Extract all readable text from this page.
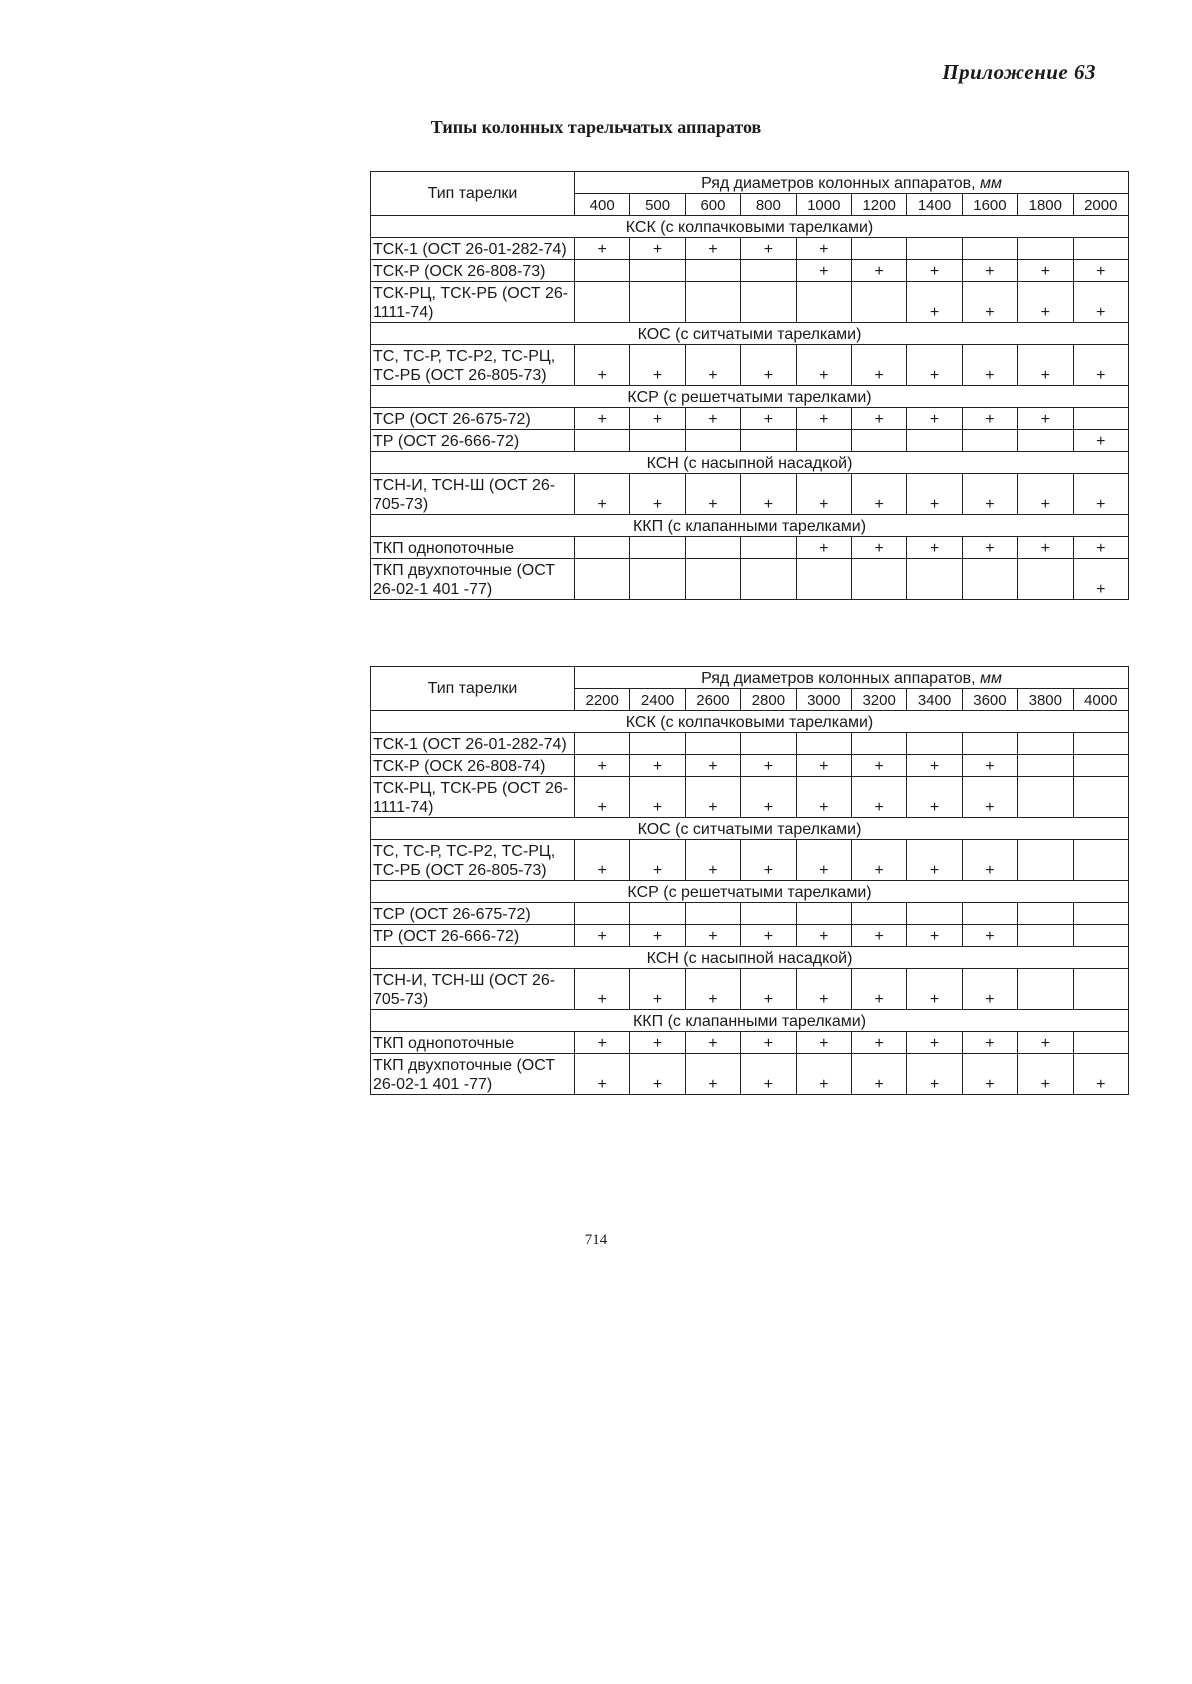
Приложение 63
Типы колонных тарельчатых аппаратов
Тип тарелки	Ряд диаметров колонных аппаратов, мм									
	400	500	600	800	1000	1200	1400	1600	1800	2000
КСК (с колпачковыми тарелками)										
ТСК-1 (ОСТ 26-01-282-74)	+	+	+	+	+					
ТСК-Р (ОСК 26-808-73)					+	+	+	+	+	+
ТСК-РЦ, ТСК-РБ (ОСТ 26-1111-74)							+	+	+	+
КОС (с ситчатыми тарелками)										
ТС, ТС-Р, ТС-Р2, ТС-РЦ, ТС-РБ (ОСТ 26-805-73)	+	+	+	+	+	+	+	+	+	+
КСР (с решетчатыми тарелками)										
ТСР (ОСТ 26-675-72)	+	+	+	+	+	+	+	+	+	
ТР (ОСТ 26-666-72)										+
КСН (с насыпной насадкой)										
ТСН-И, ТСН-Ш (ОСТ 26-705-73)	+	+	+	+	+	+	+	+	+	+
ККП (с клапанными тарелками)										
ТКП однопоточные					+	+	+	+	+	+
ТКП двухпоточные (ОСТ 26-02-1 401 -77)										+
Тип тарелки	Ряд диаметров колонных аппаратов, мм									
	2200	2400	2600	2800	3000	3200	3400	3600	3800	4000
КСК (с колпачковыми тарелками)										
ТСК-1 (ОСТ 26-01-282-74)										
ТСК-Р (ОСК 26-808-74)	+	+	+	+	+	+	+	+		
ТСК-РЦ, ТСК-РБ (ОСТ 26-1111-74)	+	+	+	+	+	+	+	+		
КОС (с ситчатыми тарелками)										
ТС, ТС-Р, ТС-Р2, ТС-РЦ, ТС-РБ (ОСТ 26-805-73)	+	+	+	+	+	+	+	+		
КСР (с решетчатыми тарелками)										
ТСР (ОСТ 26-675-72)										
ТР (ОСТ 26-666-72)	+	+	+	+	+	+	+	+		
КСН (с насыпной насадкой)										
ТСН-И, ТСН-Ш (ОСТ 26-705-73)	+	+	+	+	+	+	+	+		
ККП (с клапанными тарелками)										
ТКП однопоточные	+	+	+	+	+	+	+	+	+	
ТКП двухпоточные (ОСТ 26-02-1 401 -77)	+	+	+	+	+	+	+	+	+	+
714
